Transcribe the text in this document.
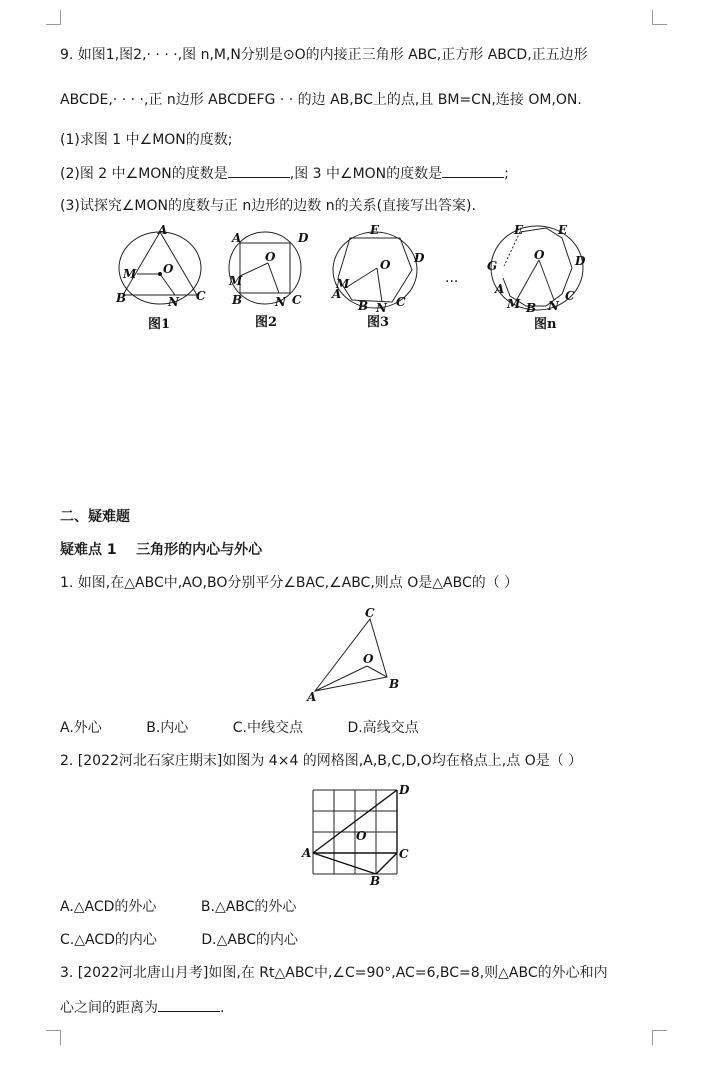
9. 如图1,图2,· · · ·,图 n,M,N分别是⊙O的内接正三角形 ABC,正方形 ABCD,正五边形
ABCDE,· · · ·,正 n边形 ABCDEFG · · 的边 AB,BC上的点,且 BM=CN,连接 OM,ON.
(1)求图 1 中∠MON的度数;
(2)图 2 中∠MON的度数是	,图 3 中∠MON的度数是	;
(3)试探究∠MON的度数与正 n边形的边数 n的关系(直接写出答案).
A
B	C
M
N
O
图1
A
B	C
D
M
N
O
图2
E
D
C
B
A
M
N
O
图3
···
E	E
D
C
B
A
G
M N
O
图n
二、疑难题
疑难点 1    三角形的内心与外心
1. 如图,在△ABC中,AO,BO分别平分∠BAC,∠ABC,则点 O是△ABC的（ ）
C
O
B
A
A.外心	B.内心	C.中线交点	D.高线交点
2. [2022河北石家庄期末]如图为 4×4 的网格图,A,B,C,D,O均在格点上,点 O是（ ）
D
O
A	C
B
A.△ACD的外心	B.△ABC的外心
C.△ACD的内心	D.△ABC的内心
3. [2022河北唐山月考]如图,在 Rt△ABC中,∠C=90°,AC=6,BC=8,则△ABC的外心和内
心之间的距离为	.
